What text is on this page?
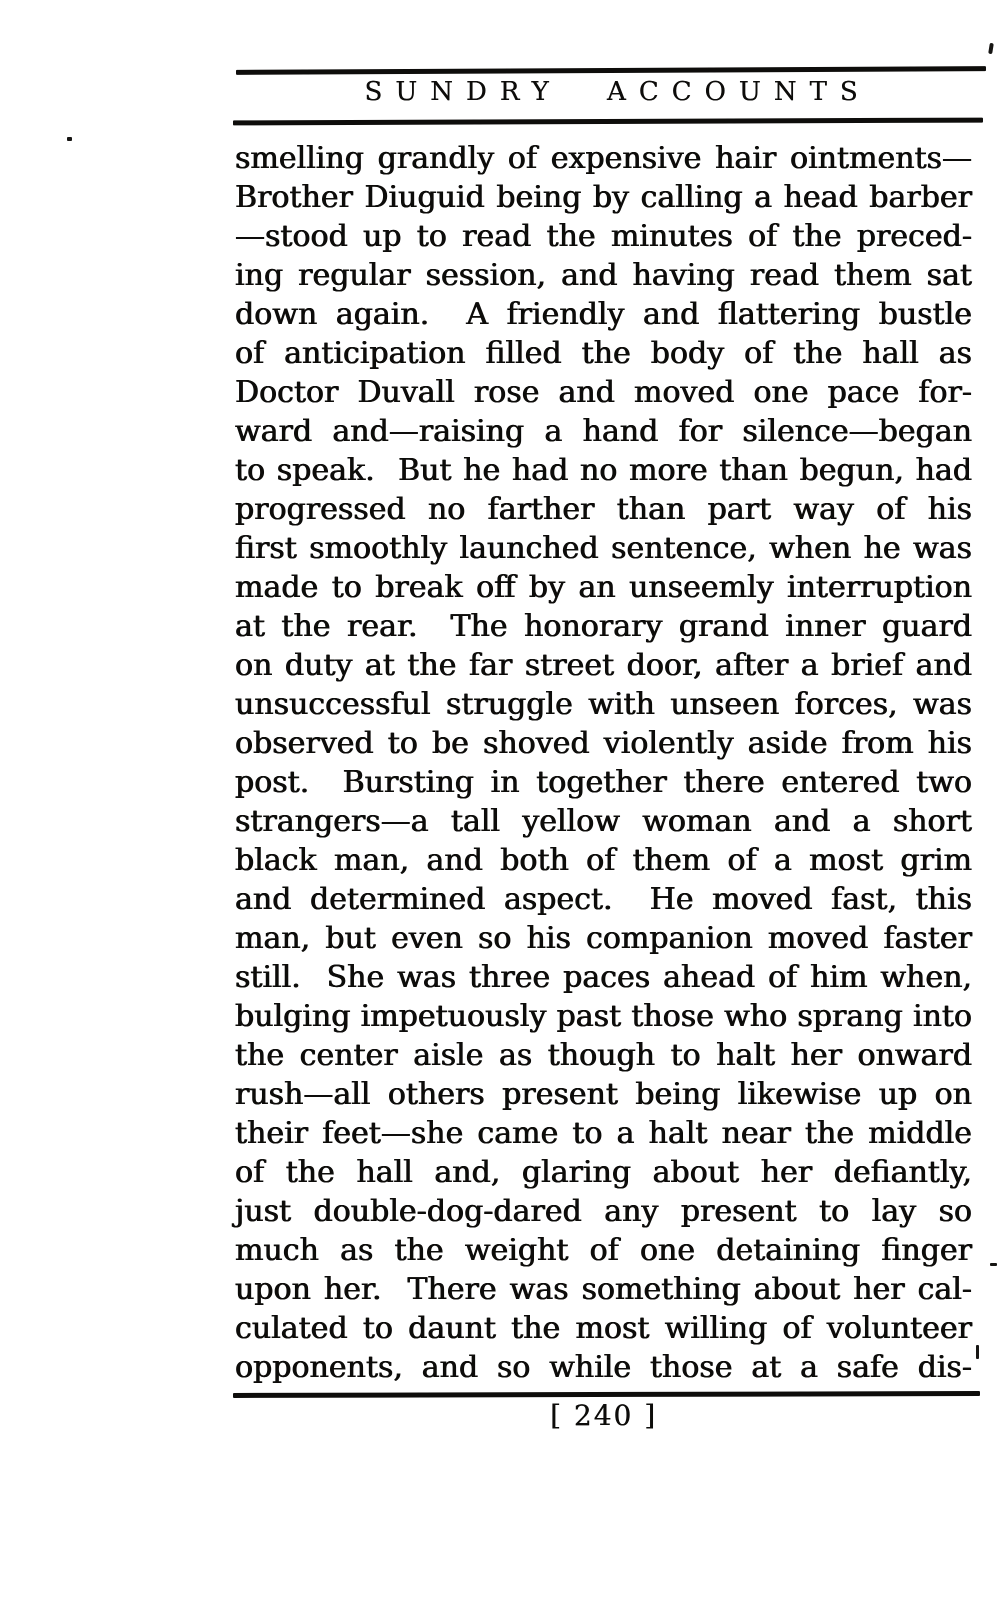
SUNDRY ACCOUNTS
smelling grandly of expensive hair ointments—
Brother Diuguid being by calling a head barber
—stood up to read the minutes of the preced-
ing regular session, and having read them sat
down again.  A friendly and flattering bustle
of anticipation filled the body of the hall as
Doctor Duvall rose and moved one pace for-
ward and—raising a hand for silence—began
to speak.  But he had no more than begun, had
progressed no farther than part way of his
first smoothly launched sentence, when he was
made to break off by an unseemly interruption
at the rear.  The honorary grand inner guard
on duty at the far street door, after a brief and
unsuccessful struggle with unseen forces, was
observed to be shoved violently aside from his
post.  Bursting in together there entered two
strangers—a tall yellow woman and a short
black man, and both of them of a most grim
and determined aspect.  He moved fast, this
man, but even so his companion moved faster
still.  She was three paces ahead of him when,
bulging impetuously past those who sprang into
the center aisle as though to halt her onward
rush—all others present being likewise up on
their feet—she came to a halt near the middle
of the hall and, glaring about her defiantly,
just double-dog-dared any present to lay so
much as the weight of one detaining finger
upon her.  There was something about her cal-
culated to daunt the most willing of volunteer
opponents, and so while those at a safe dis-
[ 240 ]
